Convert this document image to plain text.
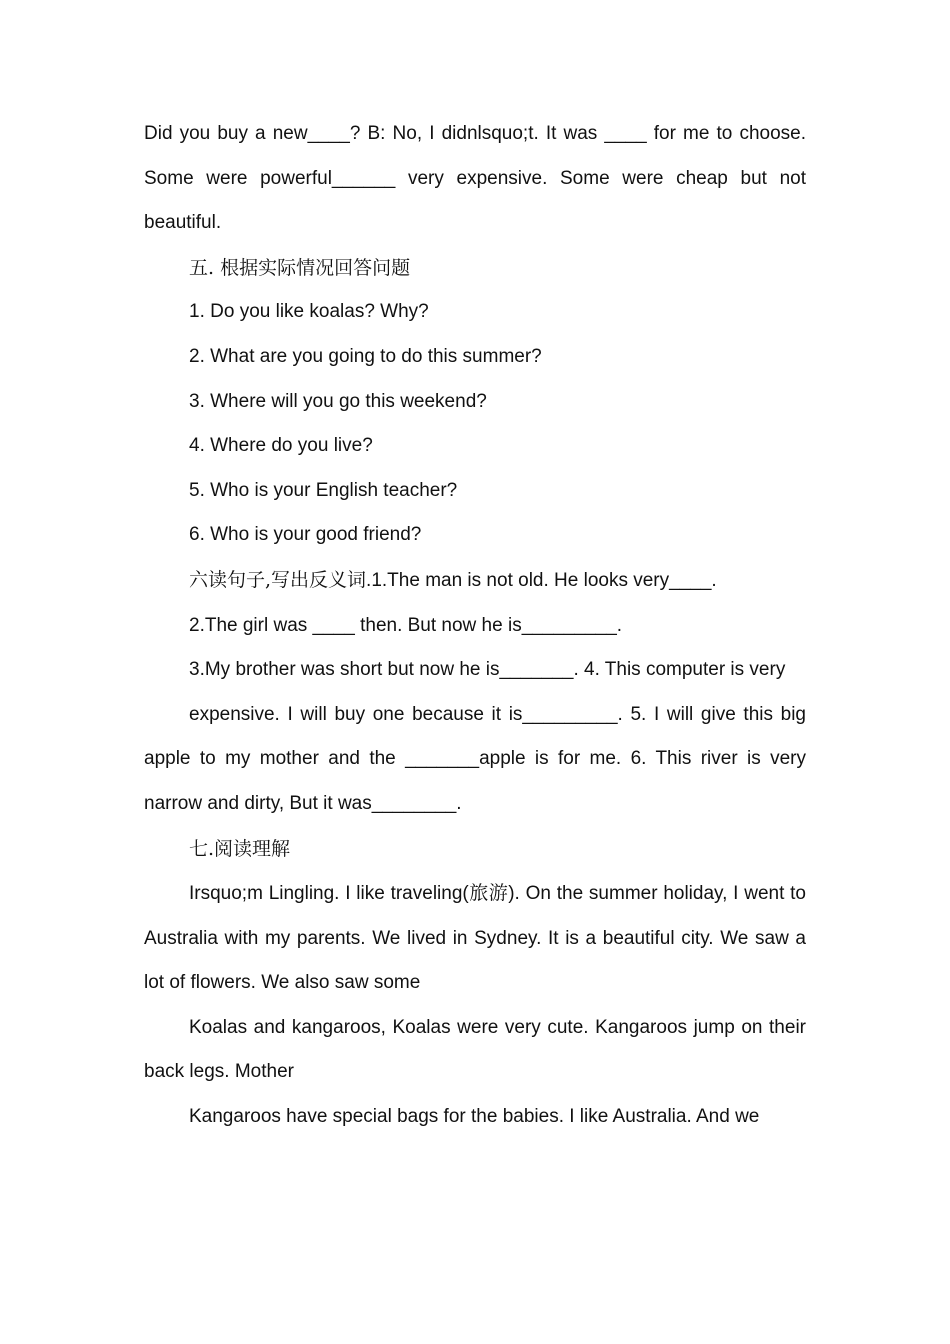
Did you buy a new____? B: No, I didnlsquo;t. It was ____ for me to choose. Some were powerful______ very expensive. Some were cheap but not beautiful.

五. 根据实际情况回答问题

1. Do you like koalas? Why?

2. What are you going to do this summer?

3. Where will you go this weekend?

4. Where do you live?

5. Who is your English teacher?

6. Who is your good friend?

六读句子,写出反义词.1.The man is not old. He looks very____.

2.The girl was ____ then. But now he is_________.

3.My brother was short but now he is_______. 4. This computer is very

expensive. I will buy one because it is_________. 5. I will give this big apple to my mother and the _______apple is for me. 6. This river is very narrow and dirty, But it was________.

七.阅读理解

Irsquo;m Lingling. I like traveling(旅游). On the summer holiday, I went to Australia with my parents. We lived in Sydney. It is a beautiful city. We saw a lot of flowers. We also saw some

Koalas and kangaroos, Koalas were very cute. Kangaroos jump on their back legs. Mother

Kangaroos have special bags for the babies. I like Australia. And we
